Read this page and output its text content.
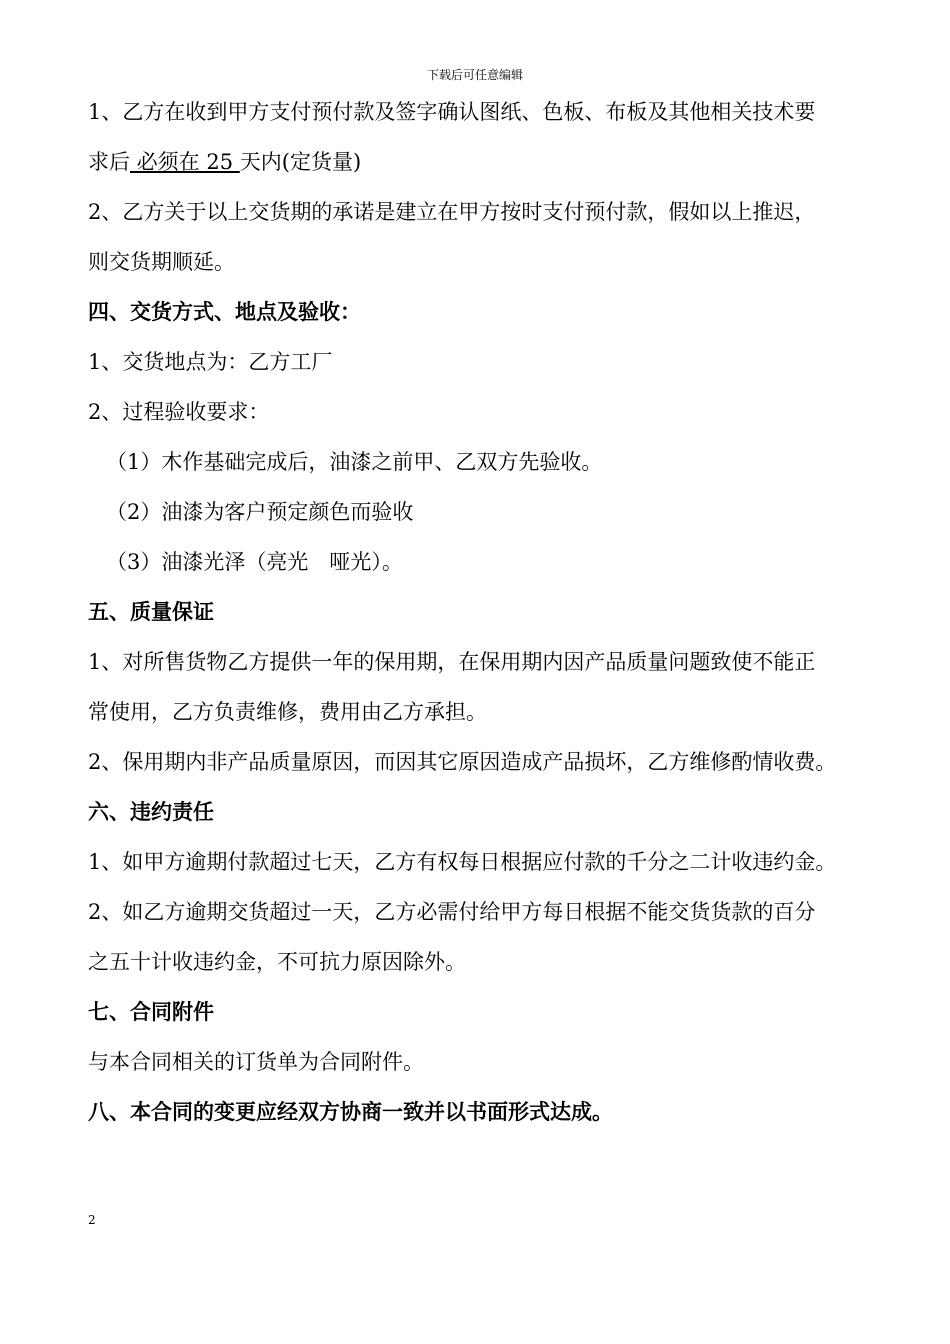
下载后可任意编辑
1、乙方在收到甲方支付预付款及签字确认图纸、色板、布板及其他相关技术要
求后 必须在 25 天内(定货量)
2、乙方关于以上交货期的承诺是建立在甲方按时支付预付款，假如以上推迟，
则交货期顺延。
四、交货方式、地点及验收：
1、交货地点为：乙方工厂
2、过程验收要求：
（1）木作基础完成后，油漆之前甲、乙双方先验收。
（2）油漆为客户预定颜色而验收
（3）油漆光泽（亮光　哑光）。
五、质量保证
1、对所售货物乙方提供一年的保用期，在保用期内因产品质量问题致使不能正
常使用，乙方负责维修，费用由乙方承担。
2、保用期内非产品质量原因，而因其它原因造成产品损坏，乙方维修酌情收费。
六、违约责任
1、如甲方逾期付款超过七天，乙方有权每日根据应付款的千分之二计收违约金。
2、如乙方逾期交货超过一天，乙方必需付给甲方每日根据不能交货货款的百分
之五十计收违约金，不可抗力原因除外。
七、合同附件
与本合同相关的订货单为合同附件。
八、本合同的变更应经双方协商一致并以书面形式达成。
2
